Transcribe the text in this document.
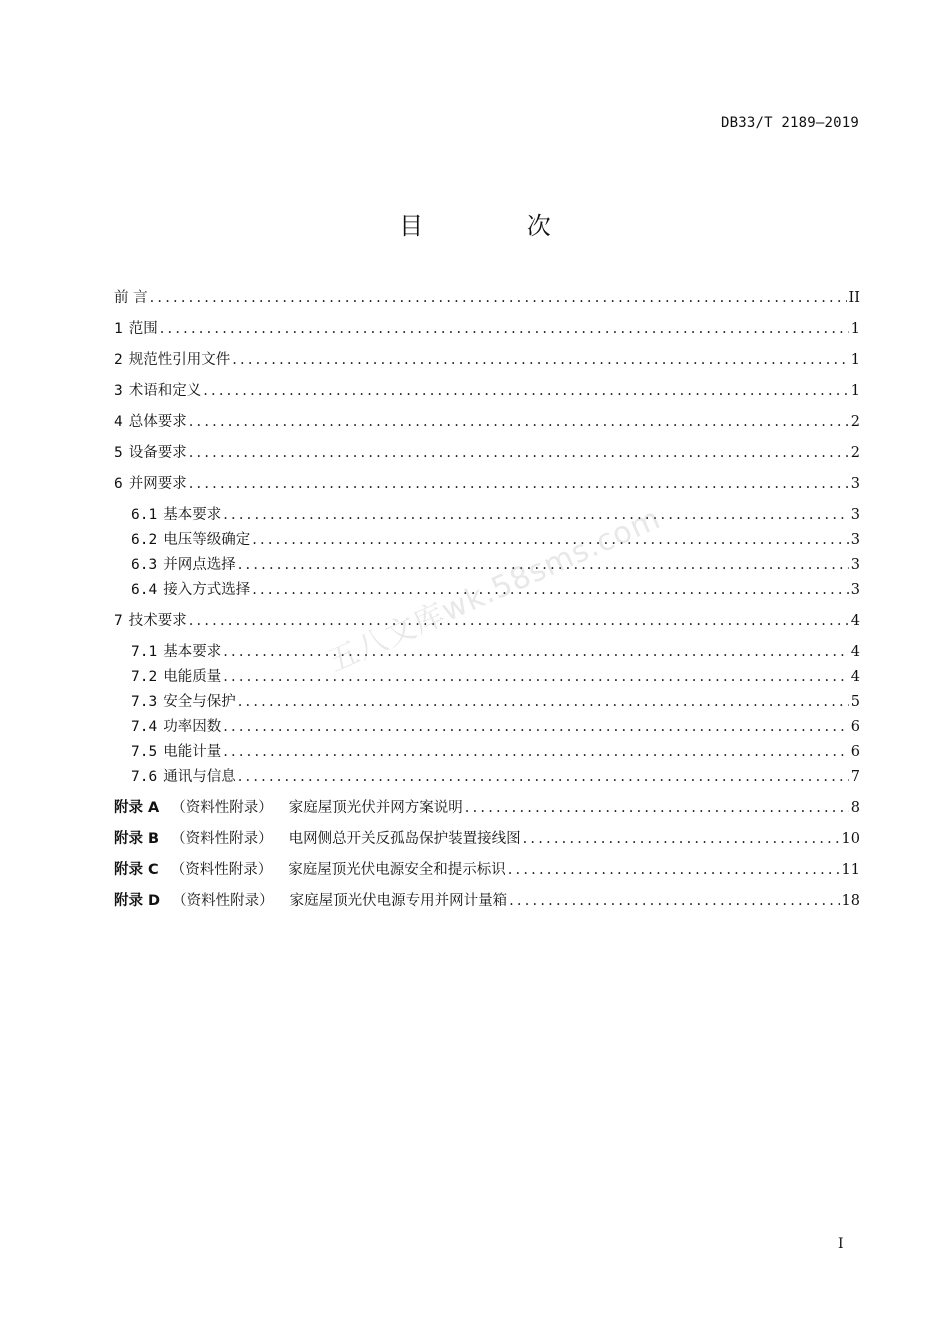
DB33/T 2189—2019
目 次
前 言 .....	II
1 范围 .....	1
2 规范性引用文件 .....	1
3 术语和定义 .....	1
4 总体要求 .....	2
5 设备要求 .....	2
6 并网要求 .....	3
6.1 基本要求 .....	3
6.2 电压等级确定 .....	3
6.3 并网点选择 .....	3
6.4 接入方式选择 .....	3
7 技术要求 .....	4
7.1 基本要求 .....	4
7.2 电能质量 .....	4
7.3 安全与保护 .....	5
7.4 功率因数 .....	6
7.5 电能计量 .....	6
7.6 通讯与信息 .....	7
附录 A （资料性附录） 家庭屋顶光伏并网方案说明 .....	8
附录 B （资料性附录） 电网侧总开关反孤岛保护装置接线图 .....	10
附录 C （资料性附录） 家庭屋顶光伏电源安全和提示标识 .....	11
附录 D （资料性附录） 家庭屋顶光伏电源专用并网计量箱 .....	18
五八文库wk.58sms.com
I
